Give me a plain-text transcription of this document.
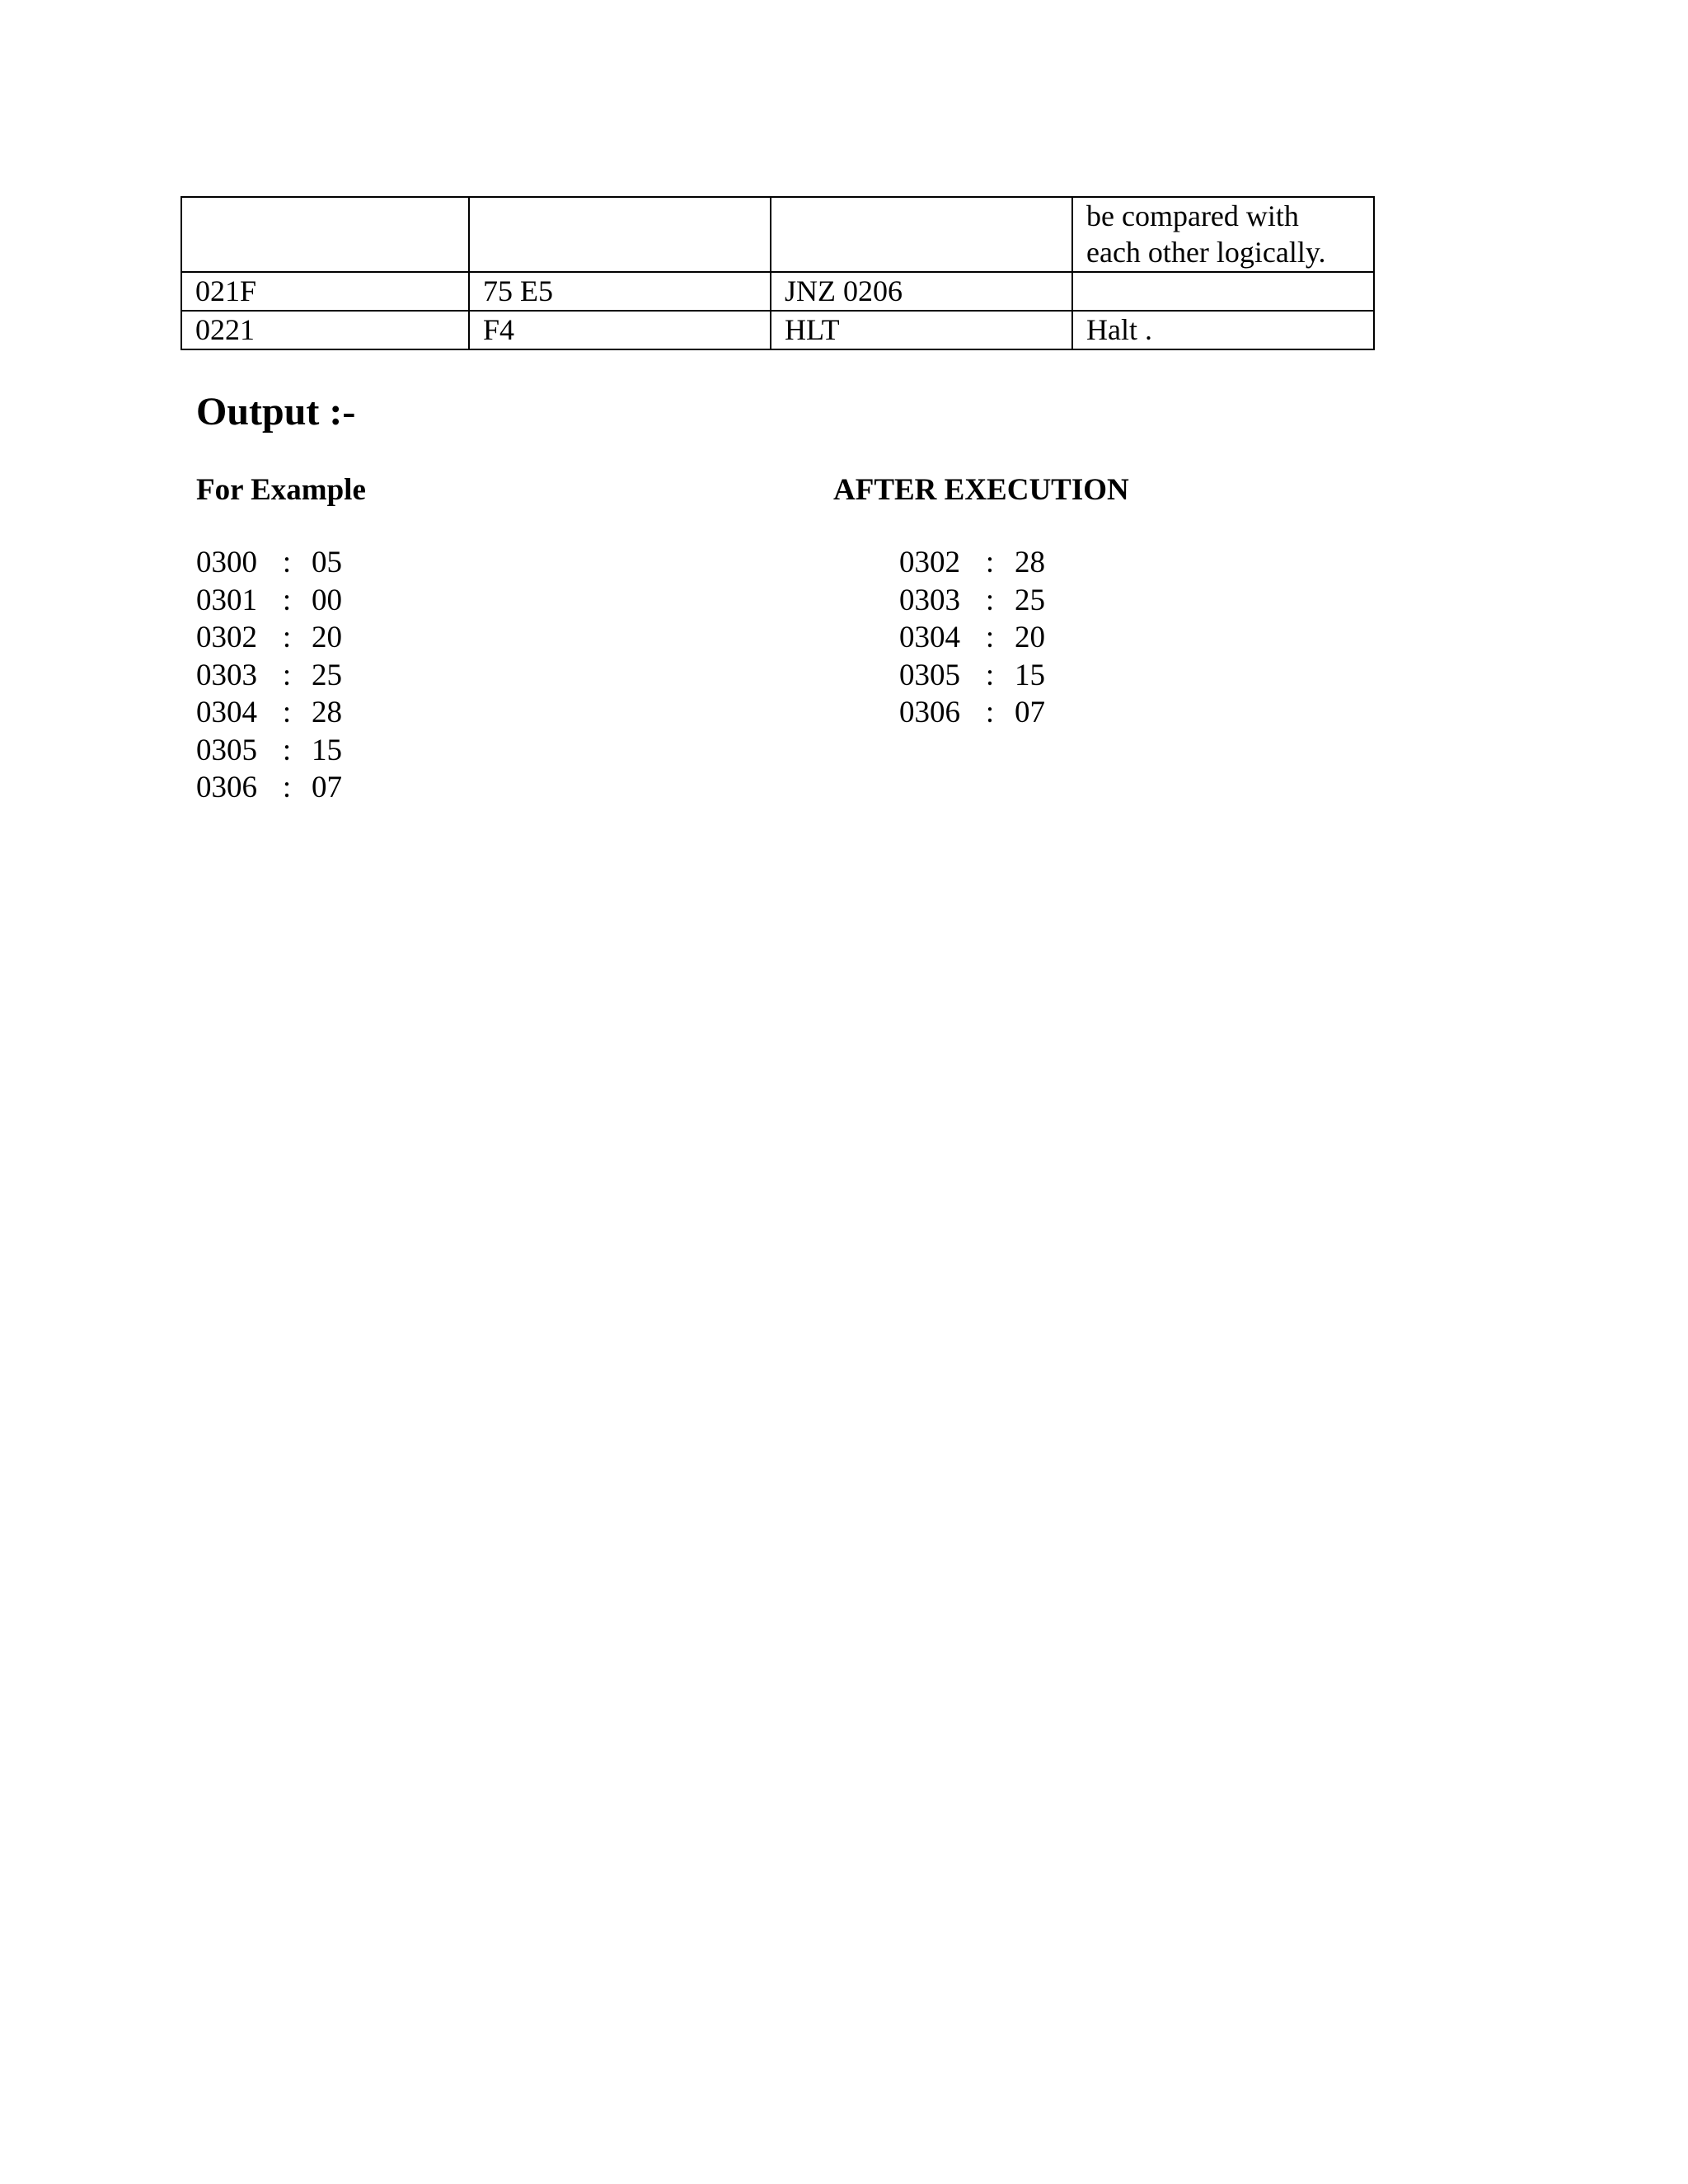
			be compared with each other logically.
021F	75 E5	JNZ 0206	
0221	F4	HLT	Halt .
Output :-
For Example	AFTER EXECUTION
0300 : 05
0301 : 00
0302 : 20
0303 : 25
0304 : 28
0305 : 15
0306 : 07
0302 : 28
0303 : 25
0304 : 20
0305 : 15
0306 : 07
